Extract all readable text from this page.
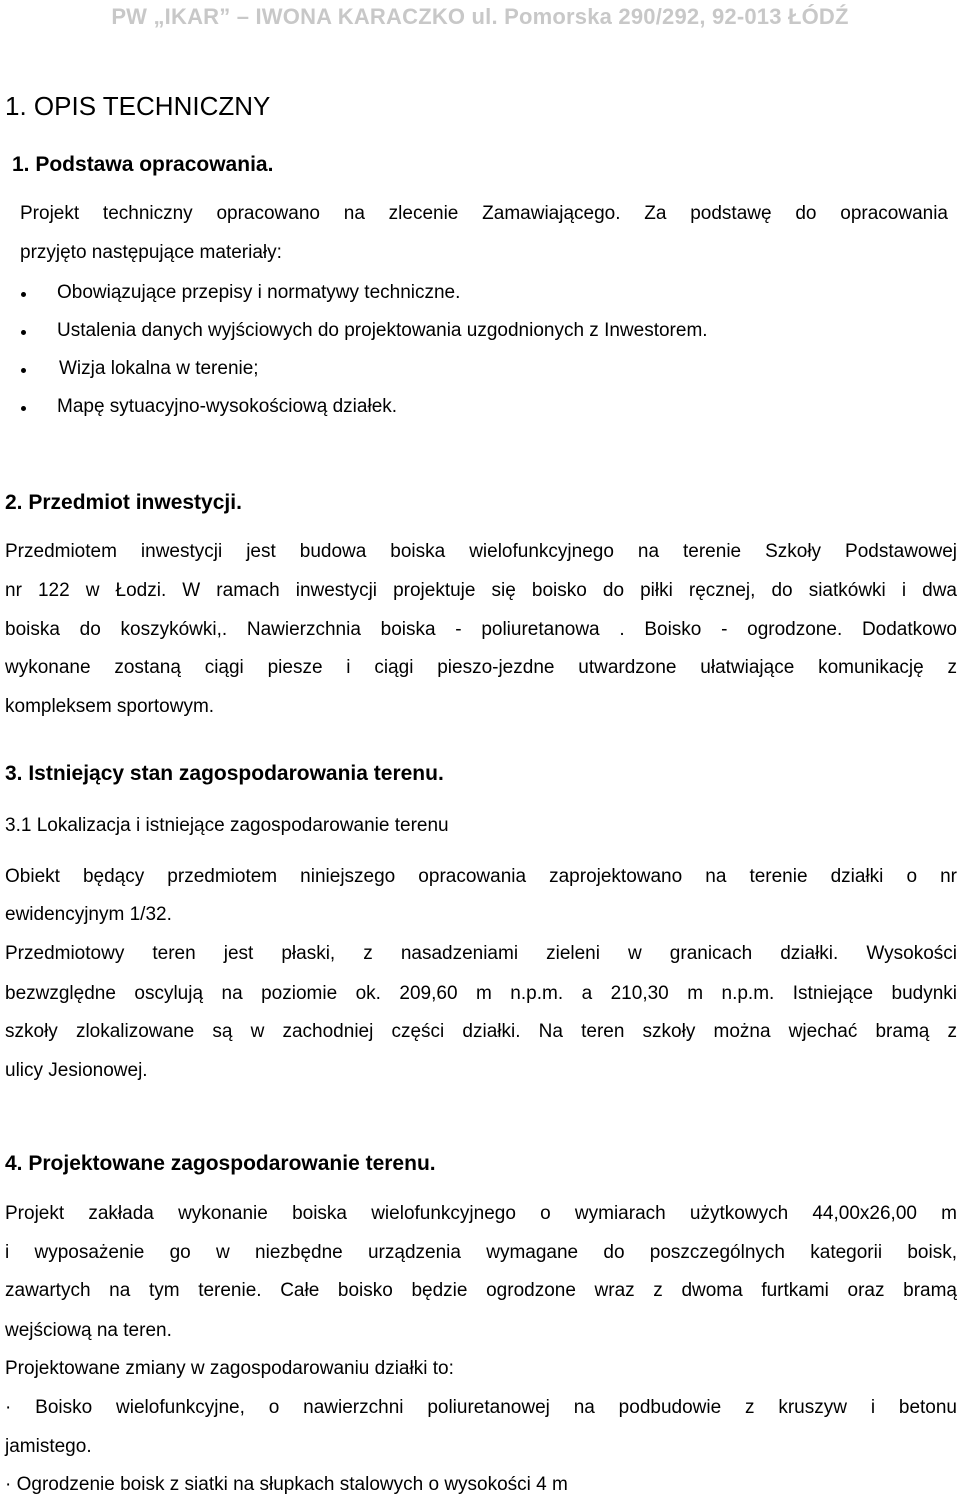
PW „IKAR” – IWONA KARACZKO ul. Pomorska 290/292, 92-013 ŁÓDŹ
1. OPIS TECHNICZNY
1. Podstawa opracowania.
Projekt techniczny opracowano na zlecenie Zamawiającego. Za podstawę do opracowania
przyjęto następujące materiały:
Obowiązujące przepisy i normatywy techniczne.
Ustalenia danych wyjściowych do projektowania uzgodnionych z Inwestorem.
Wizja lokalna w terenie;
Mapę sytuacyjno-wysokościową działek.
2. Przedmiot inwestycji.
Przedmiotem inwestycji jest budowa boiska wielofunkcyjnego na terenie Szkoły Podstawowej
nr 122 w Łodzi. W ramach inwestycji projektuje się boisko do piłki ręcznej, do siatkówki i dwa
boiska do koszykówki,. Nawierzchnia boiska - poliuretanowa . Boisko - ogrodzone. Dodatkowo
wykonane zostaną ciągi piesze i ciągi pieszo-jezdne utwardzone ułatwiające komunikację z
kompleksem sportowym.
3. Istniejący stan zagospodarowania terenu.
3.1 Lokalizacja i istniejące zagospodarowanie terenu
Obiekt będący przedmiotem niniejszego opracowania zaprojektowano na terenie działki o nr
ewidencyjnym 1/32.
Przedmiotowy teren jest płaski, z nasadzeniami zieleni w granicach działki. Wysokości
bezwzględne oscylują na poziomie ok. 209,60 m n.p.m. a 210,30 m n.p.m. Istniejące budynki
szkoły zlokalizowane są w zachodniej części działki. Na teren szkoły można wjechać bramą z
ulicy Jesionowej.
4. Projektowane zagospodarowanie terenu.
Projekt zakłada wykonanie boiska wielofunkcyjnego o wymiarach użytkowych 44,00x26,00 m
i wyposażenie go w niezbędne urządzenia wymagane do poszczególnych kategorii boisk,
zawartych na tym terenie. Całe boisko będzie ogrodzone wraz z dwoma furtkami oraz bramą
wejściową na teren.
Projektowane zmiany w zagospodarowaniu działki to:
· Boisko wielofunkcyjne, o nawierzchni poliuretanowej na podbudowie z kruszyw i betonu
jamistego.
· Ogrodzenie boisk z siatki na słupkach stalowych o wysokości 4 m
